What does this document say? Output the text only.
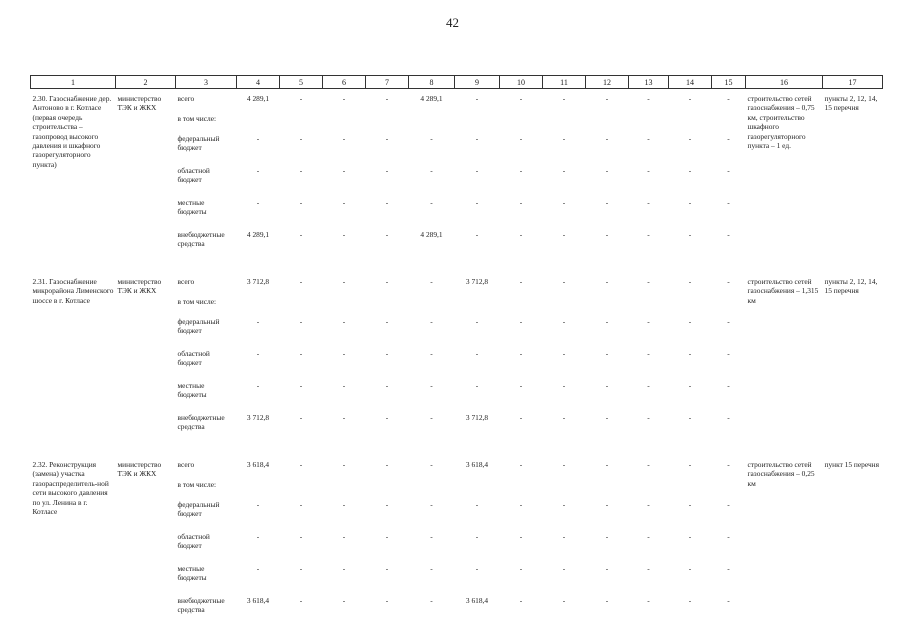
42
1	2	3	4	5	6	7	8	9	10	11	12	13	14	15	16	17
2.30. Газоснабжение дер. Антоново в г. Котласе (первая очередь строительства – газопровод высокого давления и шкафного газорегуляторного пункта)	министерство ТЭК и ЖКХ	всего	4 289,1	-	-	-	4 289,1	-	-	-	-	-	-	-	строительство сетей газоснабжения – 0,75 км, строительство шкафного газорегуляторного пункта – 1 ед.	пункты 2, 12, 14, 15 перечня
		в том числе:														
		федеральный бюджет	-	-	-	-	-	-	-	-	-	-	-	-		
		областной бюджет	-	-	-	-	-	-	-	-	-	-	-	-		
		местные бюджеты	-	-	-	-	-	-	-	-	-	-	-	-		
		внебюджетные средства	4 289,1	-	-	-	4 289,1	-	-	-	-	-	-	-		

2.31. Газоснабжение микрорайона Лименского шоссе в г. Котласе	министерство ТЭК и ЖКХ	всего	3 712,8	-	-	-	-	3 712,8	-	-	-	-	-	-	строительство сетей газоснабжения – 1,315 км	пункты 2, 12, 14, 15 перечня
		в том числе:														
		федеральный бюджет	-	-	-	-	-	-	-	-	-	-	-	-		
		областной бюджет	-	-	-	-	-	-	-	-	-	-	-	-		
		местные бюджеты	-	-	-	-	-	-	-	-	-	-	-	-		
		внебюджетные средства	3 712,8	-	-	-	-	3 712,8	-	-	-	-	-	-		

2.32. Реконструкция (замена) участка газораспределитель-ной сети высокого давления по ул. Ленина в г. Котласе	министерство ТЭК и ЖКХ	всего	3 618,4	-	-	-	-	3 618,4	-	-	-	-	-	-	строительство сетей газоснабжения – 0,25 км	пункт 15 перечня
		в том числе:														
		федеральный бюджет	-	-	-	-	-	-	-	-	-	-	-	-		
		областной бюджет	-	-	-	-	-	-	-	-	-	-	-	-		
		местные бюджеты	-	-	-	-	-	-	-	-	-	-	-	-		
		внебюджетные средства	3 618,4	-	-	-	-	3 618,4	-	-	-	-	-	-		
